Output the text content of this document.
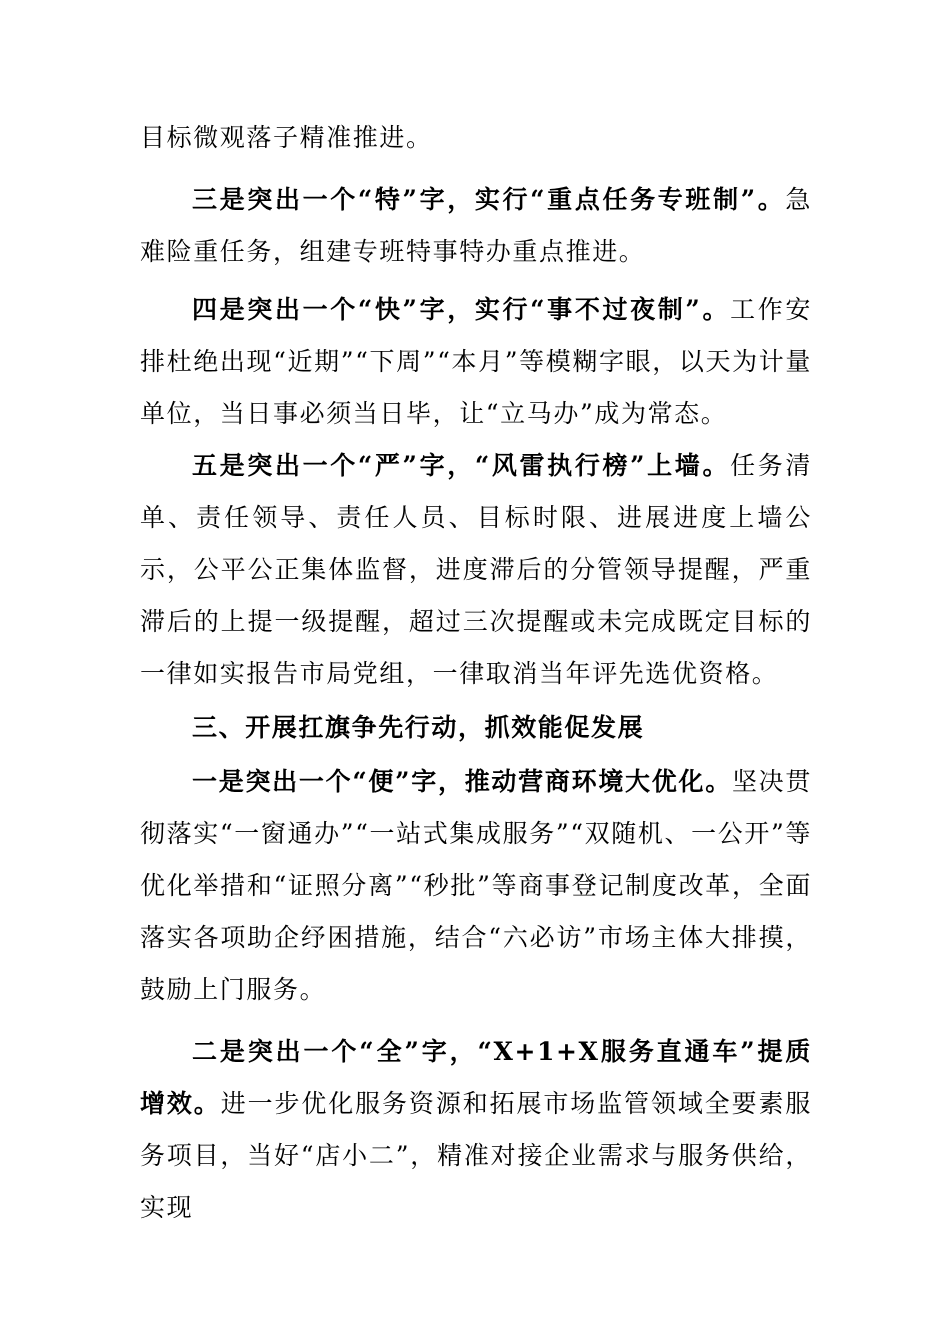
目标微观落子精准推进。

三是突出一个“特”字，实行“重点任务专班制”。急难险重任务，组建专班特事特办重点推进。

四是突出一个“快”字，实行“事不过夜制”。工作安排杜绝出现“近期”“下周”“本月”等模糊字眼，以天为计量单位，当日事必须当日毕，让“立马办”成为常态。

五是突出一个“严”字，“风雷执行榜”上墙。任务清单、责任领导、责任人员、目标时限、进展进度上墙公示，公平公正集体监督，进度滞后的分管领导提醒，严重滞后的上提一级提醒，超过三次提醒或未完成既定目标的一律如实报告市局党组，一律取消当年评先选优资格。

三、开展扛旗争先行动，抓效能促发展

一是突出一个“便”字，推动营商环境大优化。坚决贯彻落实“一窗通办”“一站式集成服务”“双随机、一公开”等优化举措和“证照分离”“秒批”等商事登记制度改革，全面落实各项助企纾困措施，结合“六必访”市场主体大排摸，鼓励上门服务。

二是突出一个“全”字，“X+1+X服务直通车”提质增效。进一步优化服务资源和拓展市场监管领域全要素服务项目，当好“店小二”，精准对接企业需求与服务供给，实现
